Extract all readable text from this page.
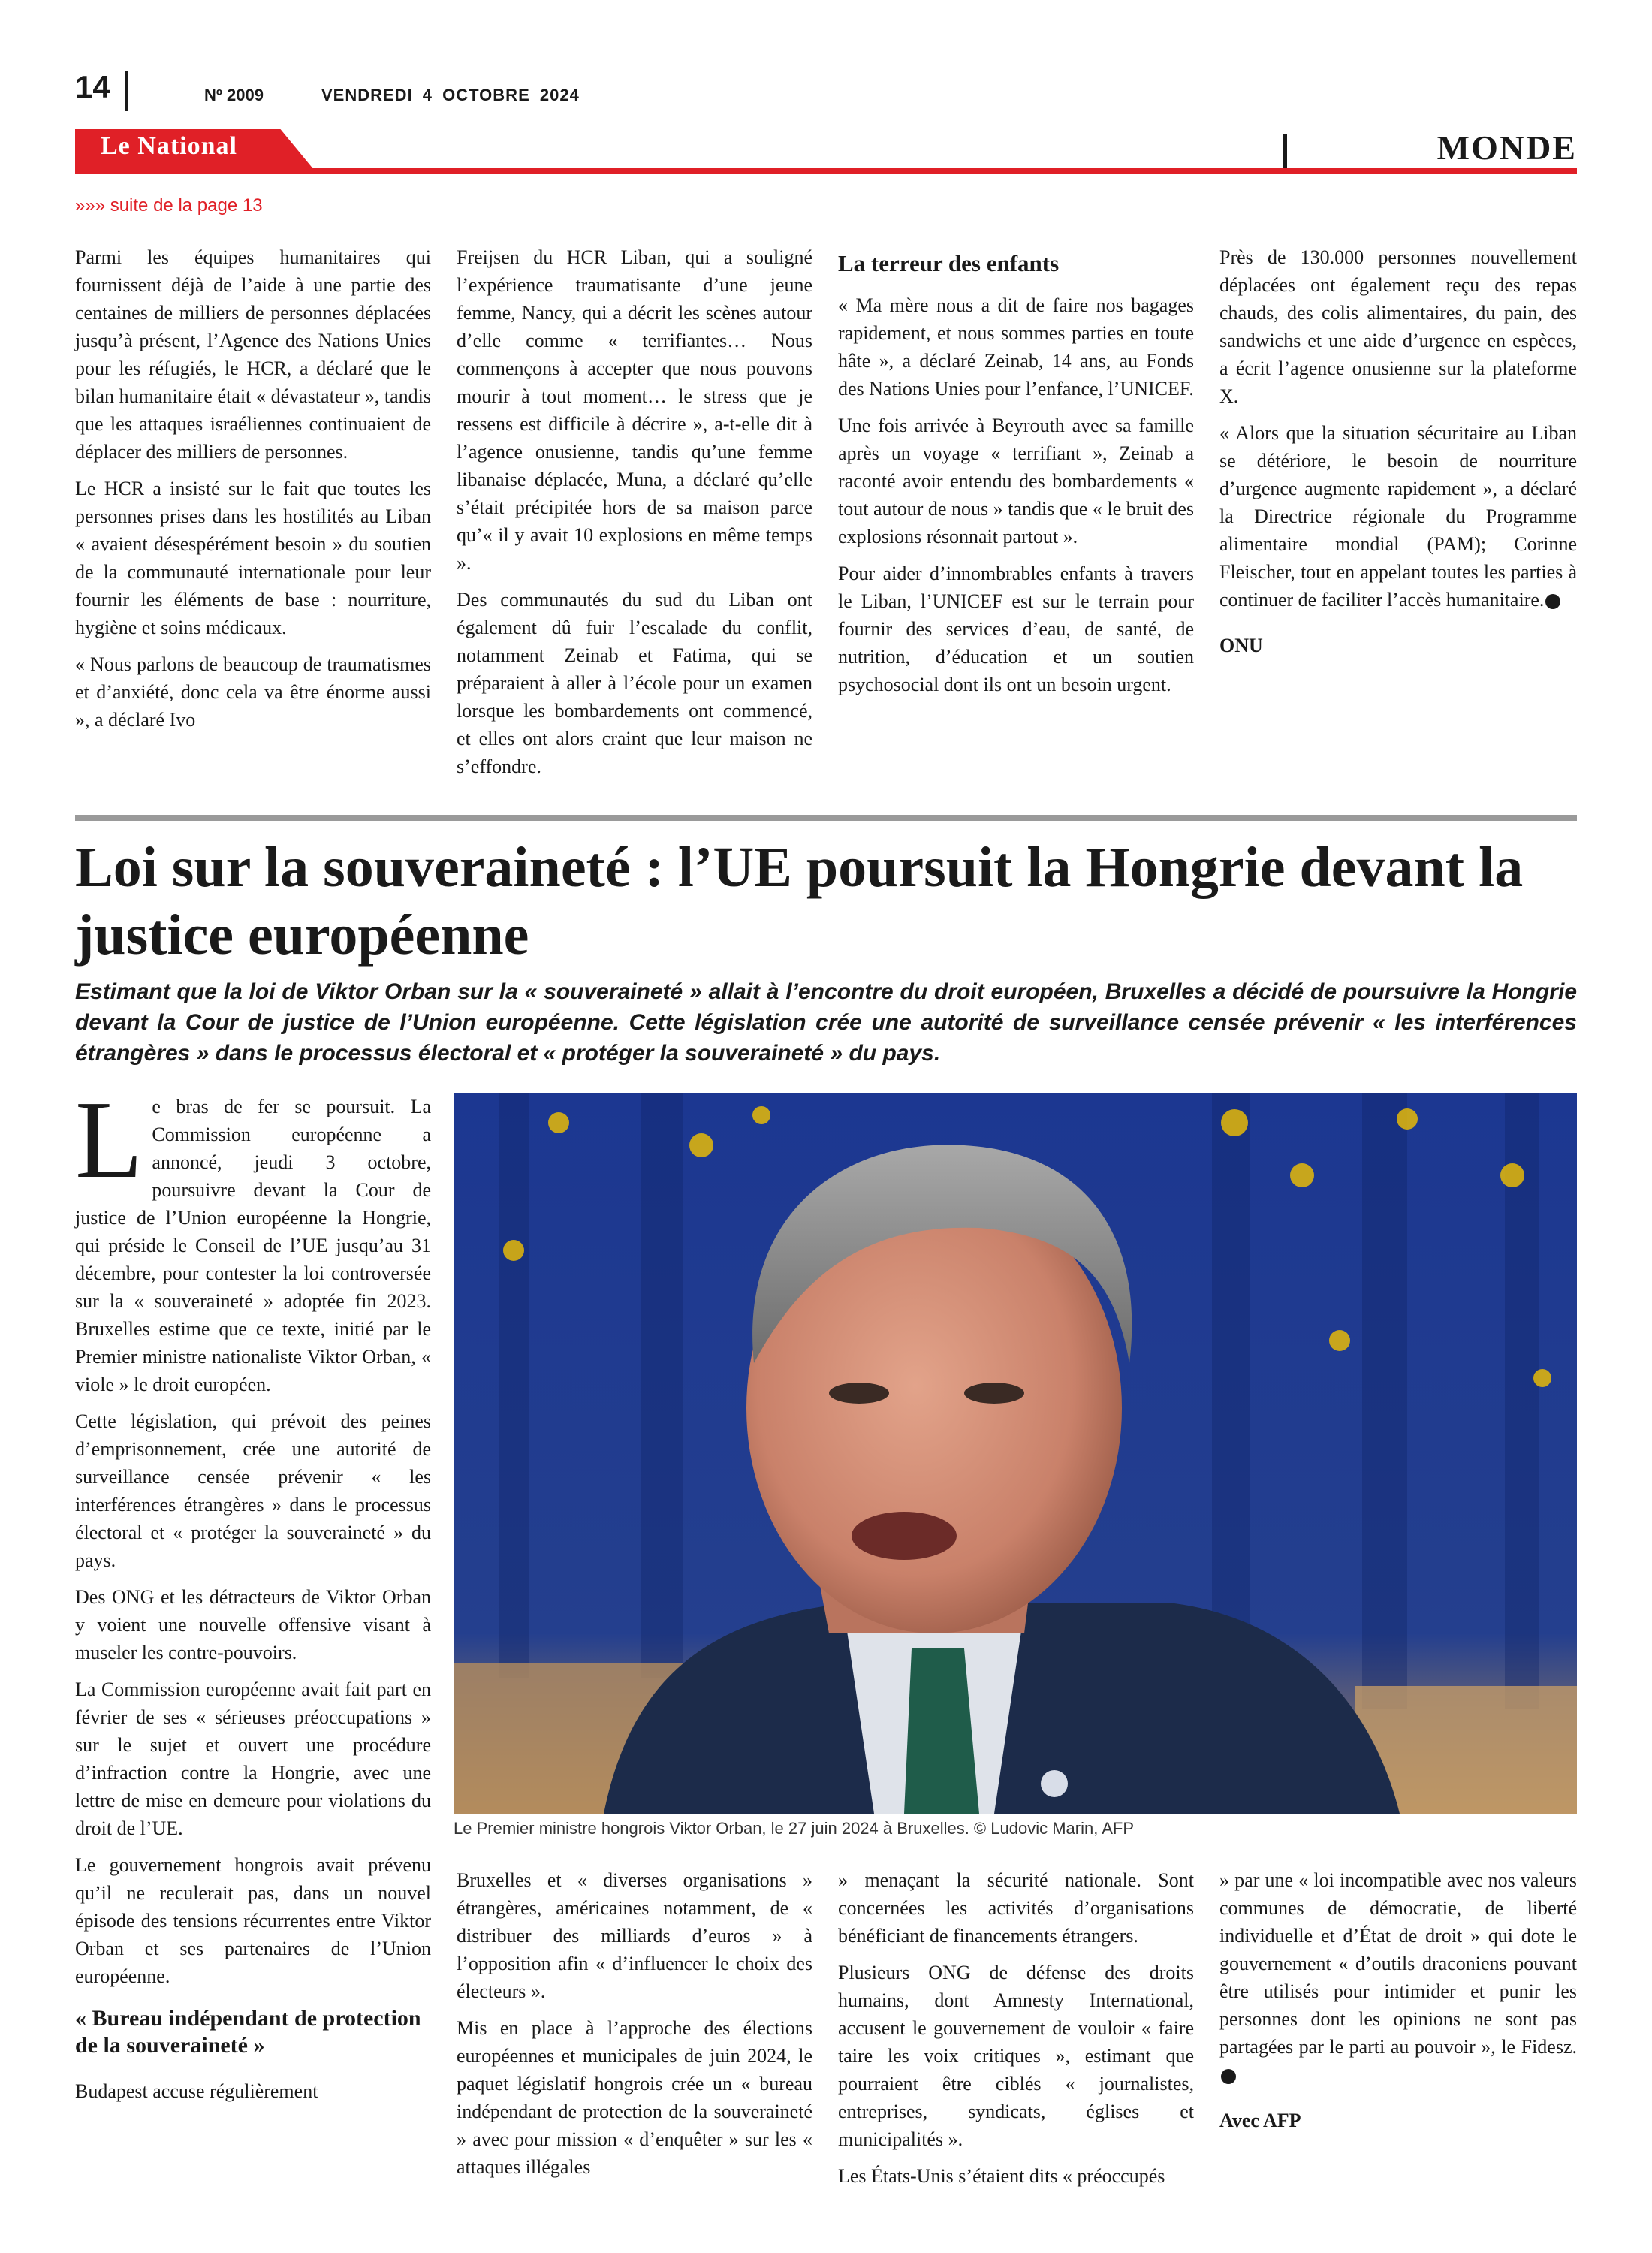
14	Nº 2009	VENDREDI 4 OCTOBRE 2024
Le National	MONDE
»»» suite de la page 13

Parmi les équipes humanitaires qui fournissent déjà de l’aide à une partie des centaines de milliers de personnes déplacées jusqu’à présent, l’Agence des Nations Unies pour les réfugiés, le HCR, a déclaré que le bilan humanitaire était « dévastateur », tandis que les attaques israéliennes continuaient de déplacer des milliers de personnes.

Le HCR a insisté sur le fait que toutes les personnes prises dans les hostilités au Liban « avaient désespérément besoin » du soutien de la communauté internationale pour leur fournir les éléments de base : nourriture, hygiène et soins médicaux.

« Nous parlons de beaucoup de traumatismes et d’anxiété, donc cela va être énorme aussi », a déclaré Ivo

Freijsen du HCR Liban, qui a souligné l’expérience traumatisante d’une jeune femme, Nancy, qui a décrit les scènes autour d’elle comme « terrifiantes… Nous commençons à accepter que nous pouvons mourir à tout moment… le stress que je ressens est difficile à décrire », a-t-elle dit à l’agence onusienne, tandis qu’une femme libanaise déplacée, Muna, a déclaré qu’elle s’était précipitée hors de sa maison parce qu’« il y avait 10 explosions en même temps ».

Des communautés du sud du Liban ont également dû fuir l’escalade du conflit, notamment Zeinab et Fatima, qui se préparaient à aller à l’école pour un examen lorsque les bombardements ont commencé, et elles ont alors craint que leur maison ne s’effondre.

La terreur des enfants

« Ma mère nous a dit de faire nos bagages rapidement, et nous sommes parties en toute hâte », a déclaré Zeinab, 14 ans, au Fonds des Nations Unies pour l’enfance, l’UNICEF.

Une fois arrivée à Beyrouth avec sa famille après un voyage « terrifiant », Zeinab a raconté avoir entendu des bombardements « tout autour de nous » tandis que « le bruit des explosions résonnait partout ».

Pour aider d’innombrables enfants à travers le Liban, l’UNICEF est sur le terrain pour fournir des services d’eau, de santé, de nutrition, d’éducation et un soutien psychosocial dont ils ont un besoin urgent.

Près de 130.000 personnes nouvellement déplacées ont également reçu des repas chauds, des colis alimentaires, du pain, des sandwichs et une aide d’urgence en espèces, a écrit l’agence onusienne sur la plateforme X.

« Alors que la situation sécuritaire au Liban se détériore, le besoin de nourriture d’urgence augmente rapidement », a déclaré la Directrice régionale du Programme alimentaire mondial (PAM); Corinne Fleischer, tout en appelant toutes les parties à continuer de faciliter l’accès humanitaire.

ONU

Loi sur la souveraineté : l’UE poursuit la Hongrie devant la justice européenne

Estimant que la loi de Viktor Orban sur la « souveraineté » allait à l’encontre du droit européen, Bruxelles a décidé de poursuivre la Hongrie devant la Cour de justice de l’Union européenne. Cette législation crée une autorité de surveillance censée prévenir « les interférences étrangères » dans le processus électoral et « protéger la souveraineté » du pays.

Le bras de fer se poursuit. La Commission européenne a annoncé, jeudi 3 octobre, poursuivre devant la Cour de justice de l’Union européenne la Hongrie, qui préside le Conseil de l’UE jusqu’au 31 décembre, pour contester la loi controversée sur la « souveraineté » adoptée fin 2023. Bruxelles estime que ce texte, initié par le Premier ministre nationaliste Viktor Orban, « viole » le droit européen.

Cette législation, qui prévoit des peines d’emprisonnement, crée une autorité de surveillance censée prévenir « les interférences étrangères » dans le processus électoral et « protéger la souveraineté » du pays.

Des ONG et les détracteurs de Viktor Orban y voient une nouvelle offensive visant à museler les contre-pouvoirs.

La Commission européenne avait fait part en février de ses « sérieuses préoccupations » sur le sujet et ouvert une procédure d’infraction contre la Hongrie, avec une lettre de mise en demeure pour violations du droit de l’UE.

Le gouvernement hongrois avait prévenu qu’il ne reculerait pas, dans un nouvel épisode des tensions récurrentes entre Viktor Orban et ses partenaires de l’Union européenne.

« Bureau indépendant de protection de la souveraineté »

Budapest accuse régulièrement

Le Premier ministre hongrois Viktor Orban, le 27 juin 2024 à Bruxelles. © Ludovic Marin, AFP

Bruxelles et « diverses organisations » étrangères, américaines notamment, de « distribuer des milliards d’euros » à l’opposition afin « d’influencer le choix des électeurs ».

Mis en place à l’approche des élections européennes et municipales de juin 2024, le paquet législatif hongrois crée un « bureau indépendant de protection de la souveraineté » avec pour mission « d’enquêter » sur les « attaques illégales

» menaçant la sécurité nationale. Sont concernées les activités d’organisations bénéficiant de financements étrangers.

Plusieurs ONG de défense des droits humains, dont Amnesty International, accusent le gouvernement de vouloir « faire taire les voix critiques », estimant que pourraient être ciblés « journalistes, entreprises, syndicats, églises et municipalités ».

Les États-Unis s’étaient dits « préoccupés

» par une « loi incompatible avec nos valeurs communes de démocratie, de liberté individuelle et d’État de droit » qui dote le gouvernement « d’outils draconiens pouvant être utilisés pour intimider et punir les personnes dont les opinions ne sont pas partagées par le parti au pouvoir », le Fidesz.

Avec AFP
